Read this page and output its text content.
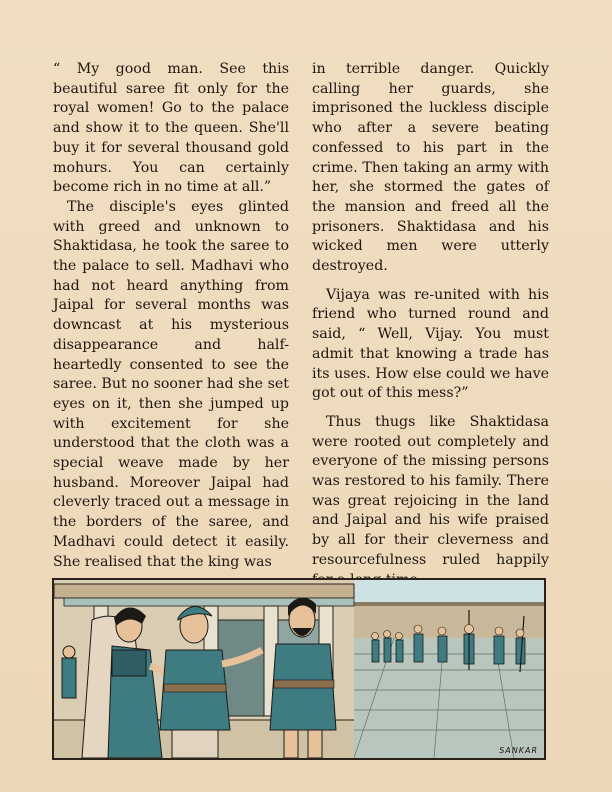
“ My good man. See this beautiful saree fit only for the royal women! Go to the palace and show it to the queen. She'll buy it for several thousand gold mohurs. You can certainly become rich in no time at all.”

The disciple's eyes glinted with greed and unknown to Shaktidasa, he took the saree to the palace to sell. Madhavi who had not heard anything from Jaipal for several months was downcast at his mysterious disappearance and half-heartedly consented to see the saree. But no sooner had she set eyes on it, then she jumped up with excitement for she understood that the cloth was a special weave made by her husband. Moreover Jaipal had cleverly traced out a message in the borders of the saree, and Madhavi could detect it easily. She realised that the king was

in terrible danger. Quickly calling her guards, she imprisoned the luckless disciple who after a severe beating confessed to his part in the crime. Then taking an army with her, she stormed the gates of the mansion and freed all the prisoners. Shaktidasa and his wicked men were utterly destroyed.

Vijaya was re-united with his friend who turned round and said, “ Well, Vijay. You must admit that knowing a trade has its uses. How else could we have got out of this mess?”

Thus thugs like Shaktidasa were rooted out completely and everyone of the missing persons was restored to his family. There was great rejoicing in the land and Jaipal and his wife praised by all for their cleverness and resourcefulness ruled happily

SANKAR
